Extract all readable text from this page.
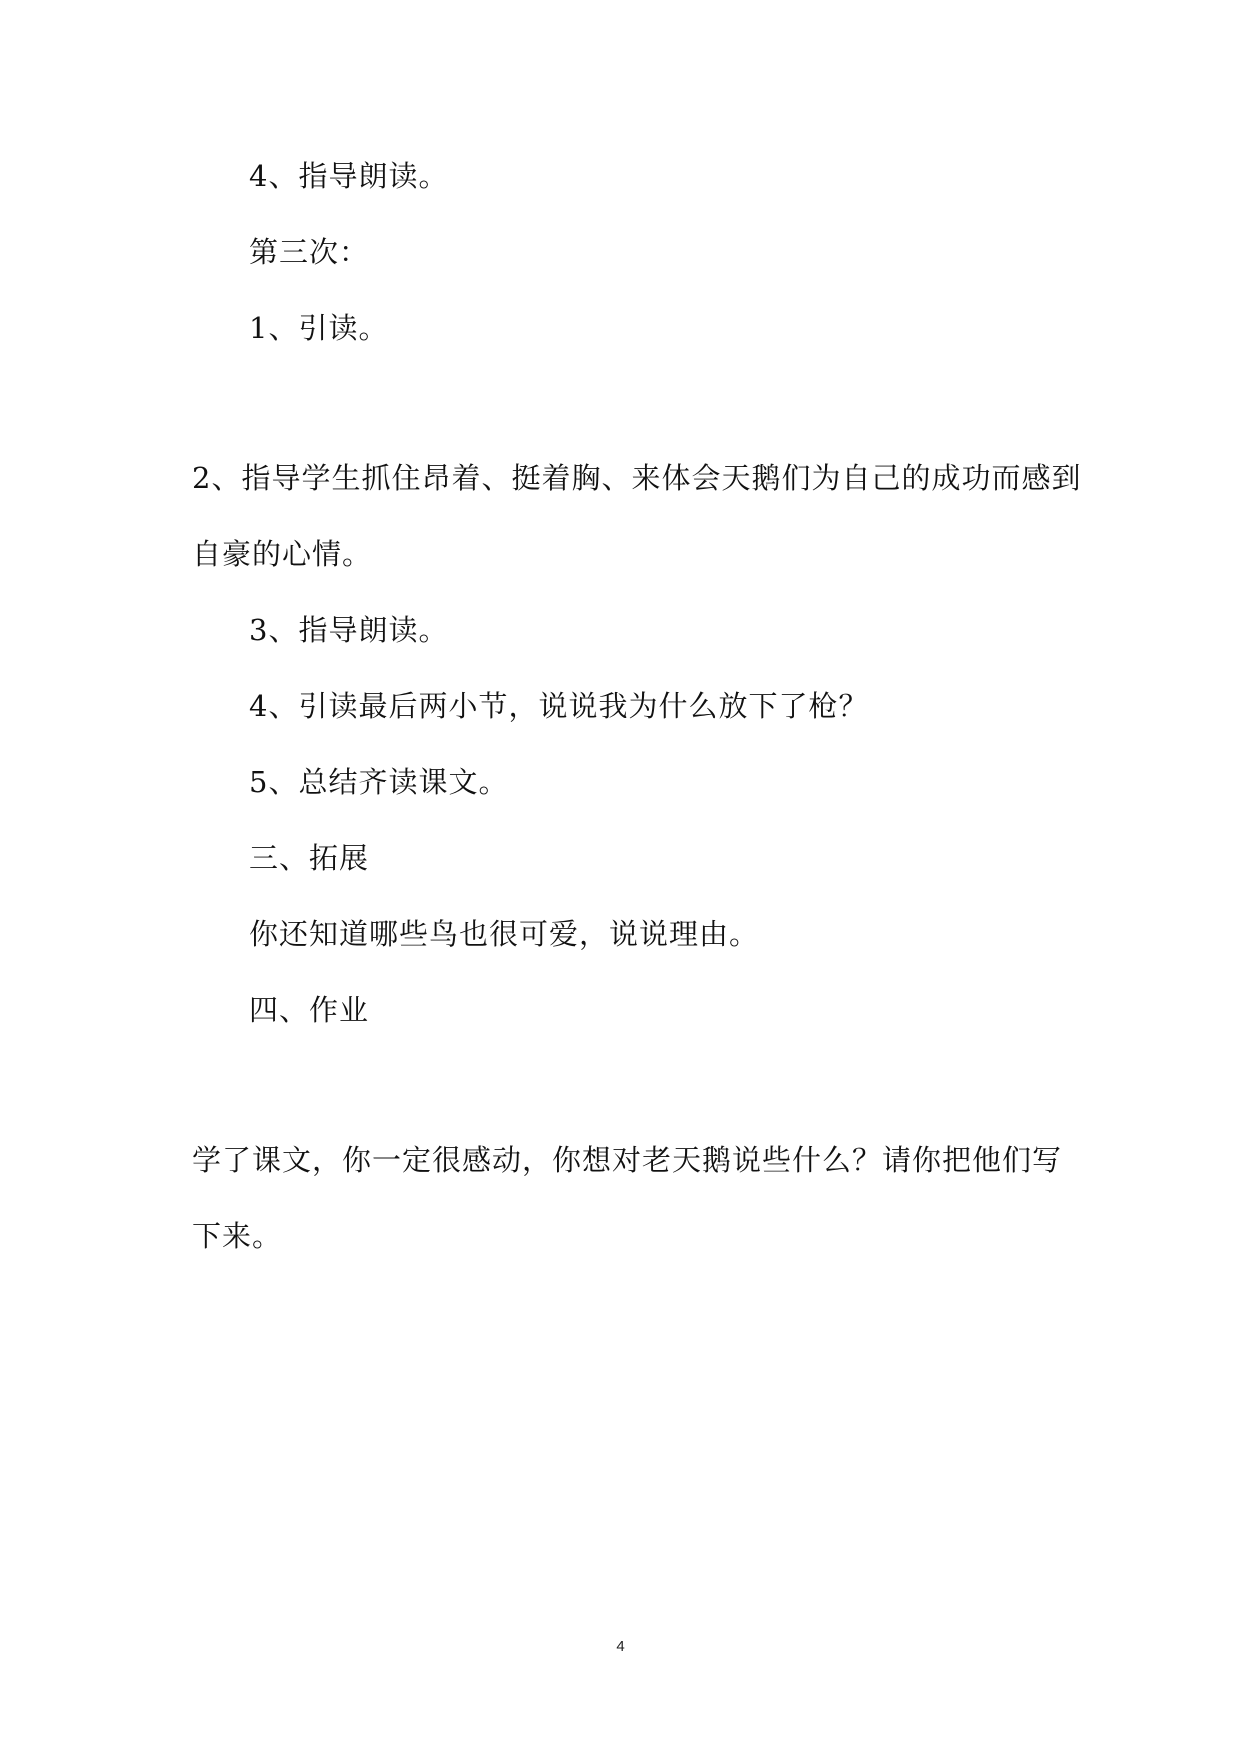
4、指导朗读。
第三次：
1、引读。
2、指导学生抓住昂着、挺着胸、来体会天鹅们为自己的成功而感到
自豪的心情。
3、指导朗读。
4、引读最后两小节，说说我为什么放下了枪？
5、总结齐读课文。
三、拓展
你还知道哪些鸟也很可爱，说说理由。
四、作业
学了课文，你一定很感动，你想对老天鹅说些什么？请你把他们写
下来。
4
